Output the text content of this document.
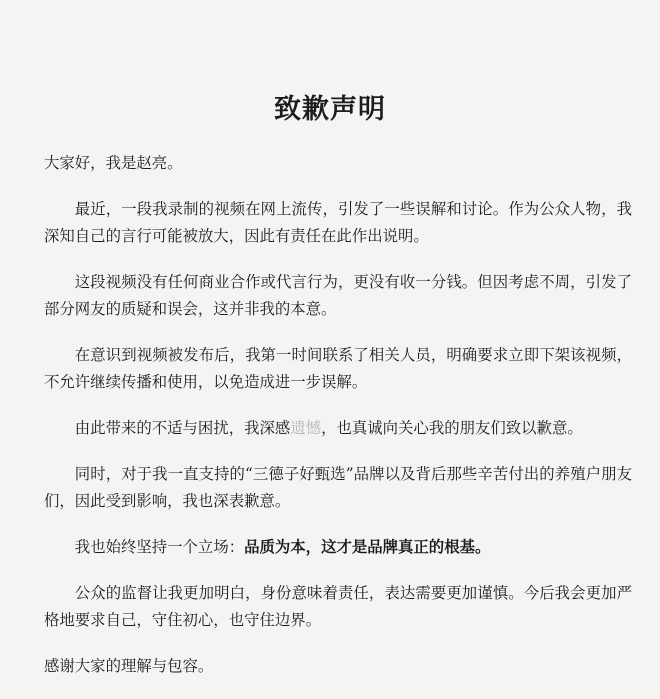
致歉声明

大家好，我是赵亮。

最近，一段我录制的视频在网上流传，引发了一些误解和讨论。作为公众人物，我深知自己的言行可能被放大，因此有责任在此作出说明。

这段视频没有任何商业合作或代言行为，更没有收一分钱。但因考虑不周，引发了部分网友的质疑和误会，这并非我的本意。

在意识到视频被发布后，我第一时间联系了相关人员，明确要求立即下架该视频，不允许继续传播和使用，以免造成进一步误解。

由此带来的不适与困扰，我深感遗憾，也真诚向关心我的朋友们致以歉意。

同时，对于我一直支持的“三德子好甄选”品牌以及背后那些辛苦付出的养殖户朋友们，因此受到影响，我也深表歉意。

我也始终坚持一个立场：品质为本，这才是品牌真正的根基。

公众的监督让我更加明白，身份意味着责任，表达需要更加谨慎。今后我会更加严格地要求自己，守住初心，也守住边界。

感谢大家的理解与包容。
